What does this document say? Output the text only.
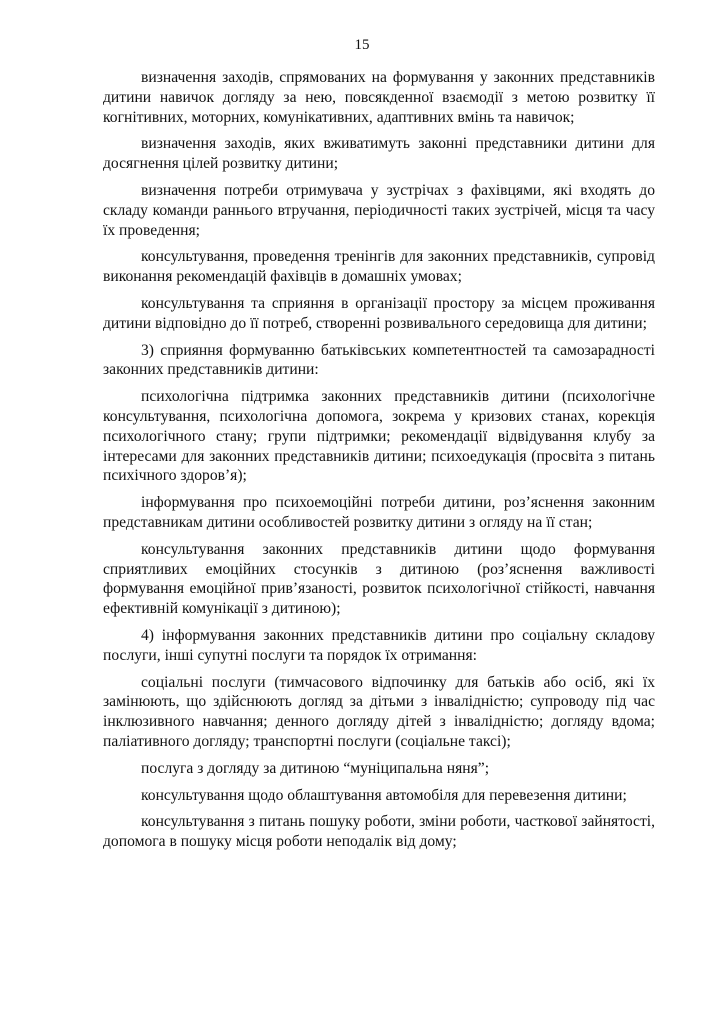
15

визначення заходів, спрямованих на формування у законних представників дитини навичок догляду за нею, повсякденної взаємодії з метою розвитку її когнітивних, моторних, комунікативних, адаптивних вмінь та навичок;

визначення заходів, яких вживатимуть законні представники дитини для досягнення цілей розвитку дитини;

визначення потреби отримувача у зустрічах з фахівцями, які входять до складу команди раннього втручання, періодичності таких зустрічей, місця та часу їх проведення;

консультування, проведення тренінгів для законних представників, супровід виконання рекомендацій фахівців в домашніх умовах;

консультування та сприяння в організації простору за місцем проживання дитини відповідно до її потреб, створенні розвивального середовища для дитини;

3) сприяння формуванню батьківських компетентностей та самозарадності законних представників дитини:

психологічна підтримка законних представників дитини (психологічне консультування, психологічна допомога, зокрема у кризових станах, корекція психологічного стану; групи підтримки; рекомендації відвідування клубу за інтересами для законних представників дитини; психоедукація (просвіта з питань психічного здоров’я);

інформування про психоемоційні потреби дитини, роз’яснення законним представникам дитини особливостей розвитку дитини з огляду на її стан;

консультування законних представників дитини щодо формування сприятливих емоційних стосунків з дитиною (роз’яснення важливості формування емоційної прив’язаності, розвиток психологічної стійкості, навчання ефективній комунікації з дитиною);

4) інформування законних представників дитини про соціальну складову послуги, інші супутні послуги та порядок їх отримання:

соціальні послуги (тимчасового відпочинку для батьків або осіб, які їх замінюють, що здійснюють догляд за дітьми з інвалідністю; супроводу під час інклюзивного навчання; денного догляду дітей з інвалідністю; догляду вдома; паліативного догляду; транспортні послуги (соціальне таксі);

послуга з догляду за дитиною “муніципальна няня”;

консультування щодо облаштування автомобіля для перевезення дитини;

консультування з питань пошуку роботи, зміни роботи, часткової зайнятості, допомога в пошуку місця роботи неподалік від дому;
